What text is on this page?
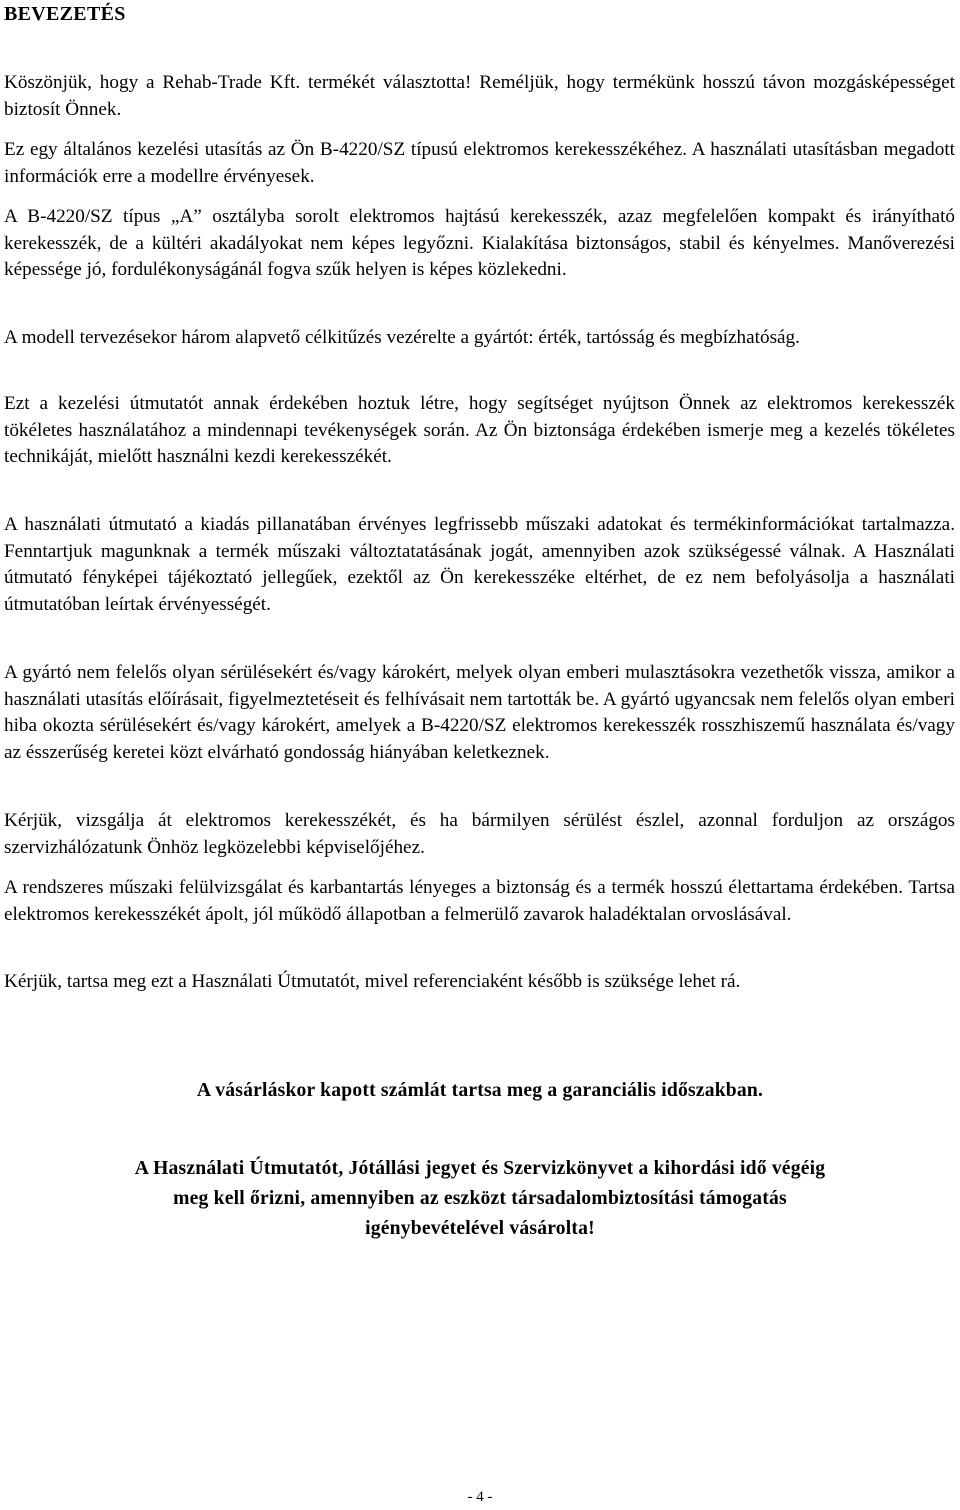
BEVEZETÉS

Köszönjük, hogy a Rehab-Trade Kft. termékét választotta! Reméljük, hogy termékünk hosszú távon mozgásképességet biztosít Önnek.

Ez egy általános kezelési utasítás az Ön B-4220/SZ típusú elektromos kerekesszékéhez. A használati utasításban megadott információk erre a modellre érvényesek.

A B-4220/SZ típus „A” osztályba sorolt elektromos hajtású kerekesszék, azaz megfelelően kompakt és irányítható kerekesszék, de a kültéri akadályokat nem képes legyőzni. Kialakítása biztonságos, stabil és kényelmes. Manőverezési képessége jó, fordulékonyságánál fogva szűk helyen is képes közlekedni.

A modell tervezésekor három alapvető célkitűzés vezérelte a gyártót: érték, tartósság és megbízhatóság.

Ezt a kezelési útmutatót annak érdekében hoztuk létre, hogy segítséget nyújtson Önnek az elektromos kerekesszék tökéletes használatához a mindennapi tevékenységek során. Az Ön biztonsága érdekében ismerje meg a kezelés tökéletes technikáját, mielőtt használni kezdi kerekesszékét.

A használati útmutató a kiadás pillanatában érvényes legfrissebb műszaki adatokat és termékinformációkat tartalmazza. Fenntartjuk magunknak a termék műszaki változtatatásának jogát, amennyiben azok szükségessé válnak. A Használati útmutató fényképei tájékoztató jellegűek, ezektől az Ön kerekesszéke eltérhet, de ez nem befolyásolja a használati útmutatóban leírtak érvényességét.

A gyártó nem felelős olyan sérülésekért és/vagy károkért, melyek olyan emberi mulasztásokra vezethetők vissza, amikor a használati utasítás előírásait, figyelmeztetéseit és felhívásait nem tartották be. A gyártó ugyancsak nem felelős olyan emberi hiba okozta sérülésekért és/vagy károkért, amelyek a B-4220/SZ elektromos kerekesszék rosszhiszemű használata és/vagy az ésszerűség keretei közt elvárható gondosság hiányában keletkeznek.

Kérjük, vizsgálja át elektromos kerekesszékét, és ha bármilyen sérülést észlel, azonnal forduljon az országos szervizhálózatunk Önhöz legközelebbi képviselőjéhez.

A rendszeres műszaki felülvizsgálat és karbantartás lényeges a biztonság és a termék hosszú élettartama érdekében. Tartsa elektromos kerekesszékét ápolt, jól működő állapotban a felmerülő zavarok haladéktalan orvoslásával.

Kérjük, tartsa meg ezt a Használati Útmutatót, mivel referenciaként később is szüksége lehet rá.

A vásárláskor kapott számlát tartsa meg a garanciális időszakban.
A Használati Útmutatót, Jótállási jegyet és Szervizkönyvet a kihordási idő végéig
meg kell őrizni, amennyiben az eszközt társadalombiztosítási támogatás
igénybevételével vásárolta!
- 4 -
